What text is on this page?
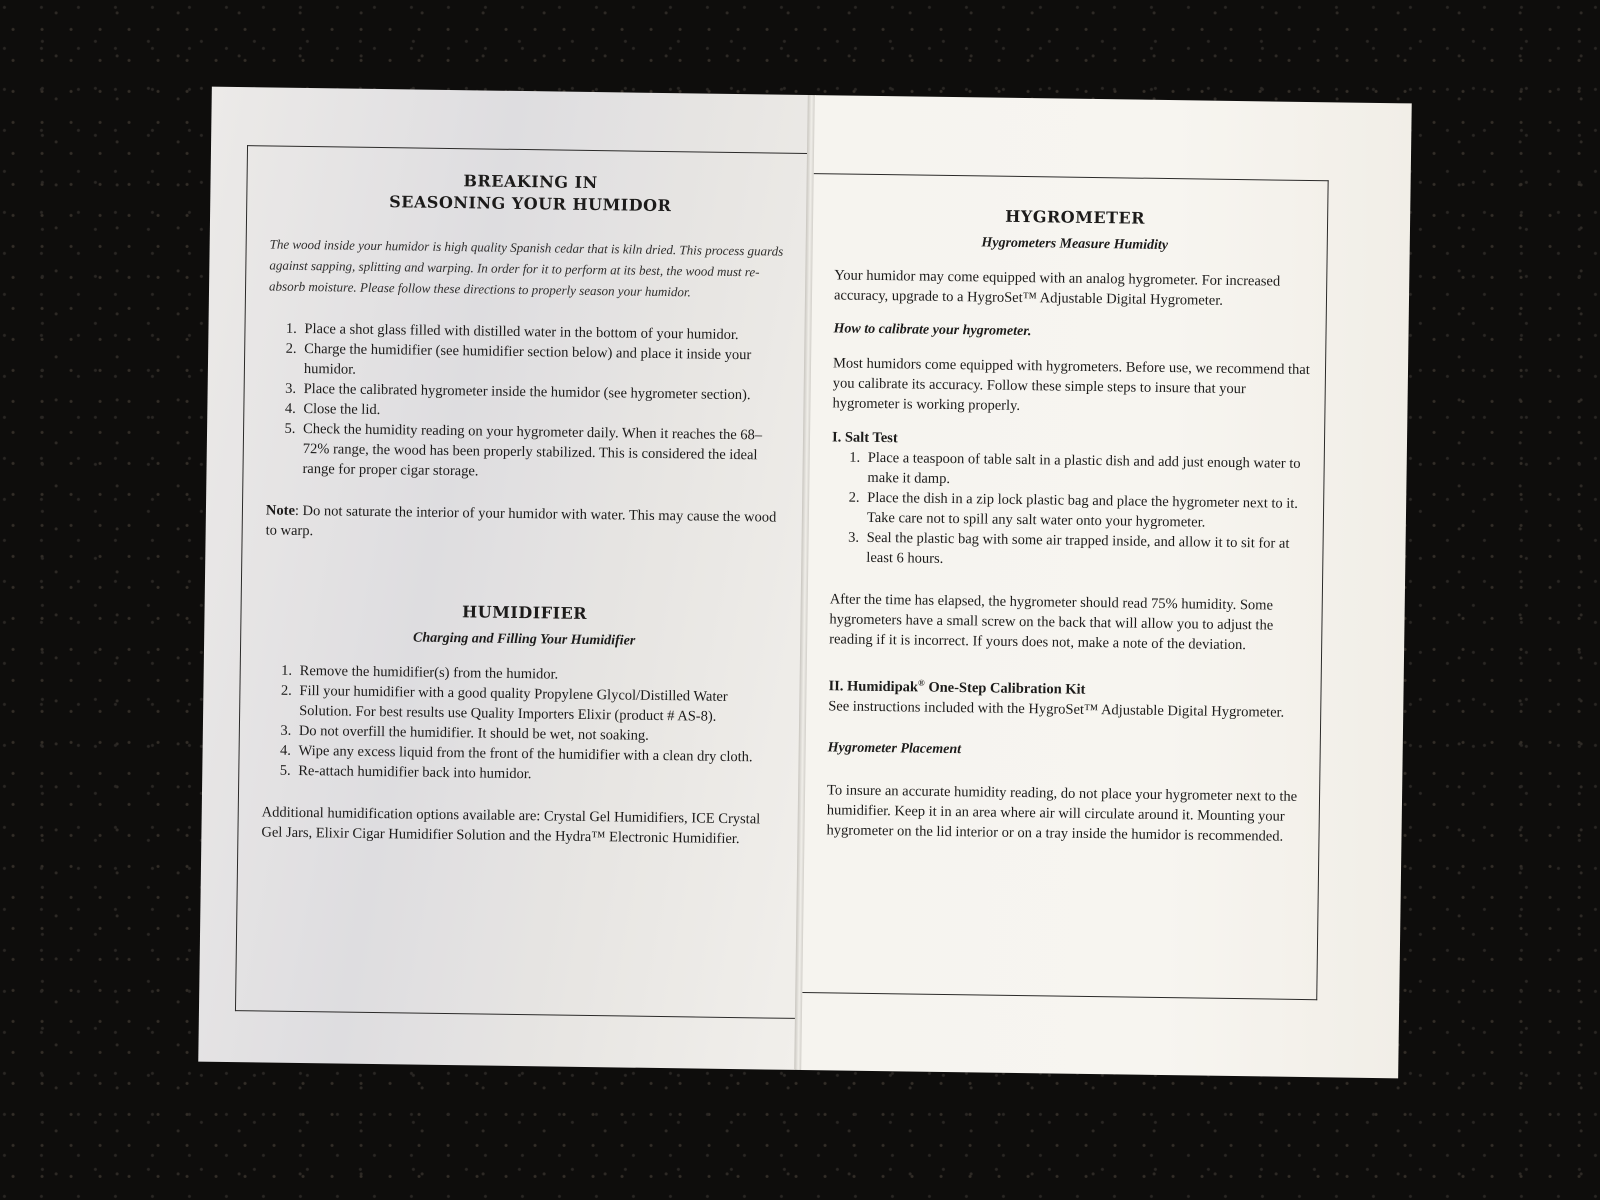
BREAKING IN
SEASONING YOUR HUMIDOR

The wood inside your humidor is high quality Spanish cedar that is kiln dried. This process guards against sapping, splitting and warping. In order for it to perform at its best, the wood must re-absorb moisture. Please follow these directions to properly season your humidor.

1. Place a shot glass filled with distilled water in the bottom of your humidor.
2. Charge the humidifier (see humidifier section below) and place it inside your humidor.
3. Place the calibrated hygrometer inside the humidor (see hygrometer section).
4. Close the lid.
5. Check the humidity reading on your hygrometer daily. When it reaches the 68–72% range, the wood has been properly stabilized. This is considered the ideal range for proper cigar storage.

Note: Do not saturate the interior of your humidor with water. This may cause the wood to warp.

HUMIDIFIER
Charging and Filling Your Humidifier
1. Remove the humidifier(s) from the humidor.
2. Fill your humidifier with a good quality Propylene Glycol/Distilled Water Solution. For best results use Quality Importers Elixir (product # AS-8).
3. Do not overfill the humidifier. It should be wet, not soaking.
4. Wipe any excess liquid from the front of the humidifier with a clean dry cloth.
5. Re-attach humidifier back into humidor.

Additional humidification options available are: Crystal Gel Humidifiers, ICE Crystal Gel Jars, Elixir Cigar Humidifier Solution and the Hydra™ Electronic Humidifier.

HYGROMETER
Hygrometers Measure Humidity

Your humidor may come equipped with an analog hygrometer. For increased accuracy, upgrade to a HygroSet™ Adjustable Digital Hygrometer.

How to calibrate your hygrometer.

Most humidors come equipped with hygrometers. Before use, we recommend that you calibrate its accuracy. Follow these simple steps to insure that your hygrometer is working properly.

I. Salt Test

1. Place a teaspoon of table salt in a plastic dish and add just enough water to make it damp.
2. Place the dish in a zip lock plastic bag and place the hygrometer next to it. Take care not to spill any salt water onto your hygrometer.
3. Seal the plastic bag with some air trapped inside, and allow it to sit for at least 6 hours.

After the time has elapsed, the hygrometer should read 75% humidity. Some hygrometers have a small screw on the back that will allow you to adjust the reading if it is incorrect. If yours does not, make a note of the deviation.

II. Humidipak® One-Step Calibration Kit

See instructions included with the HygroSet™ Adjustable Digital Hygrometer.

Hygrometer Placement

To insure an accurate humidity reading, do not place your hygrometer next to the humidifier. Keep it in an area where air will circulate around it. Mounting your hygrometer on the lid interior or on a tray inside the humidor is recommended.
